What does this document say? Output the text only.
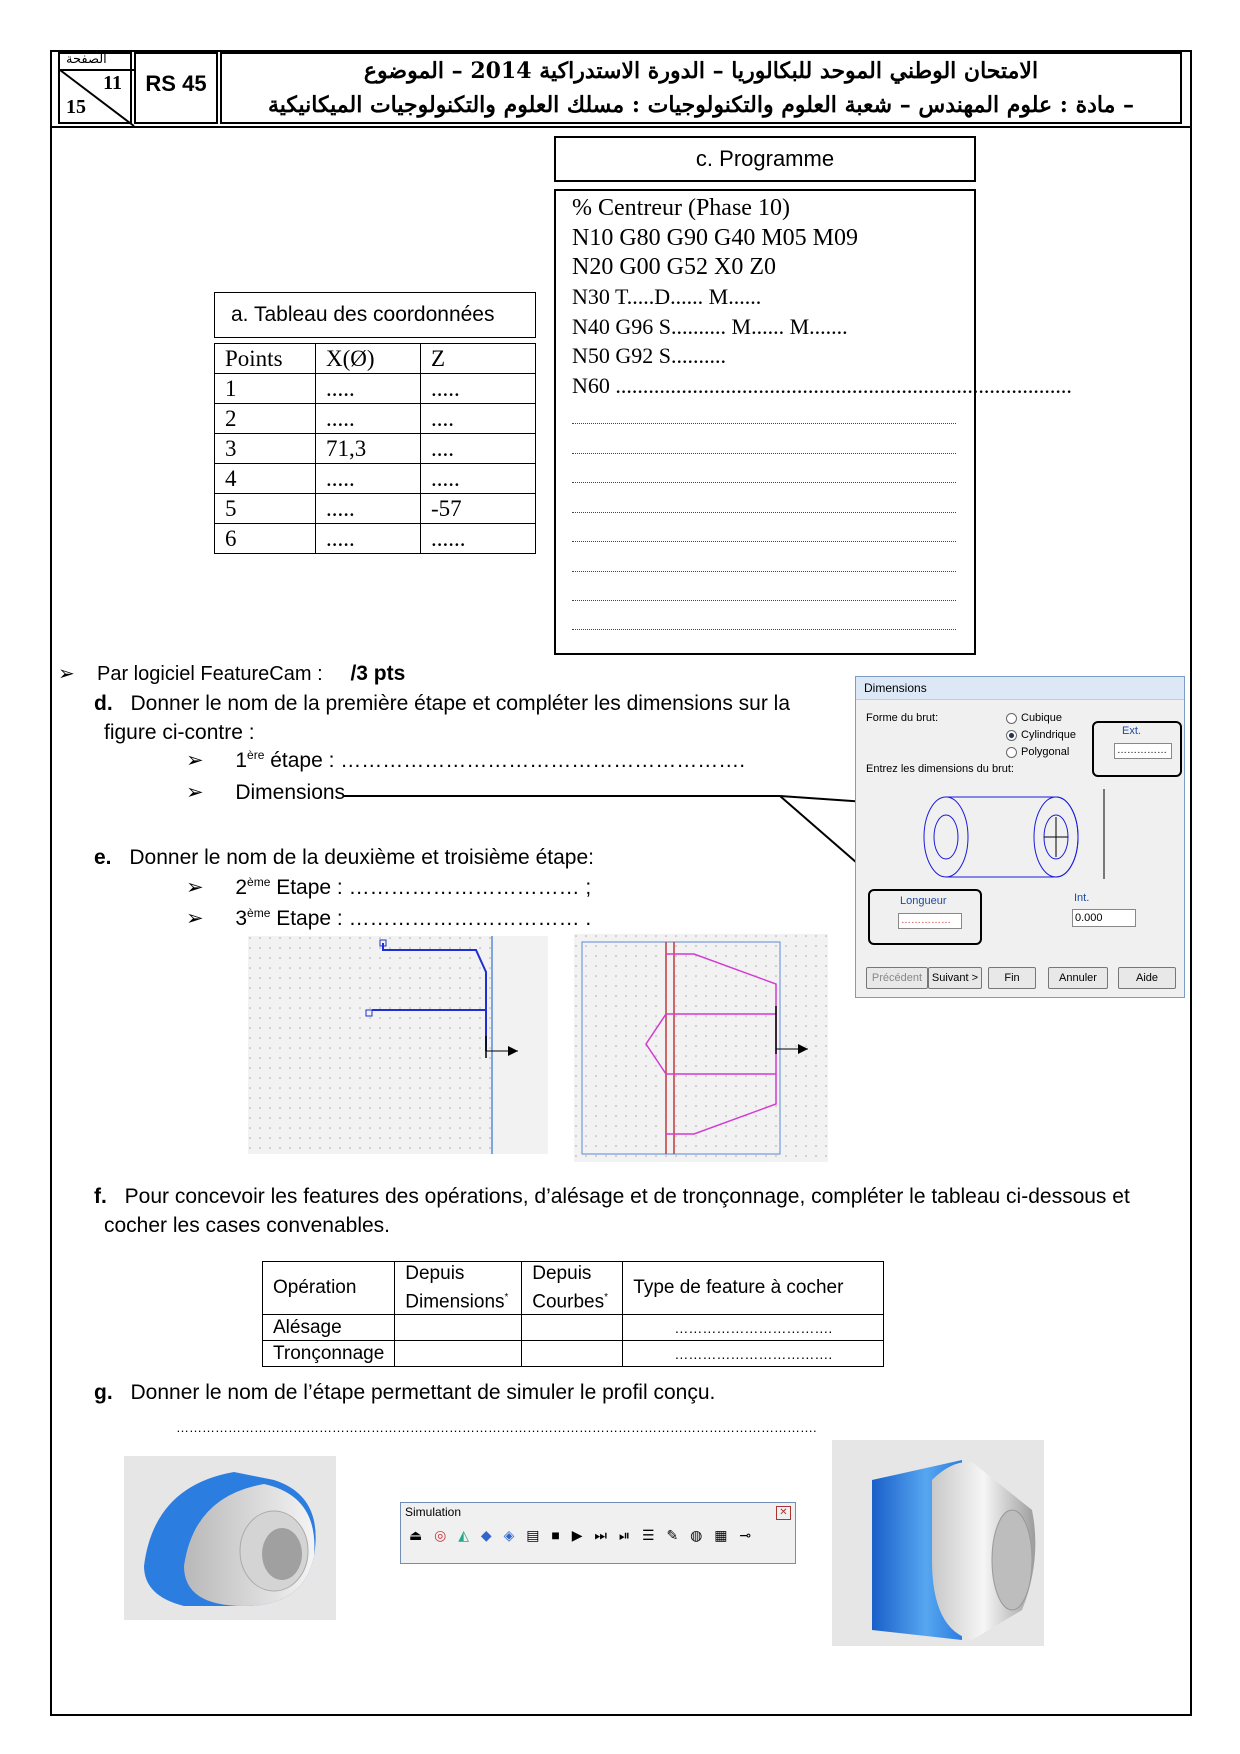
الصفحة
11
15
RS 45	الامتحان الوطني الموحد للبكالوريا – الدورة الاستدراكية 2014 – الموضوع
– مادة : علوم المهندس – شعبة العلوم والتكنولوجيات : مسلك العلوم والتكنولوجيات الميكانيكية
a. Tableau des coordonnées
Points	X(Ø)	Z
1	.....	.....
2	.....	....
3	71,3	....
4	.....	.....
5	.....	-57
6	.....	......
c. Programme
% Centreur (Phase 10)
N10 G80 G90 G40 M05 M09
N20 G00 G52 X0 Z0
N30 T.....D...... M......
N40 G96 S.......... M...... M.......
N50 G92 S..........
N60 ...................................................................................
➢ Par logiciel FeatureCam : /3 pts
d. Donner le nom de la première étape et compléter les dimensions sur la
figure ci-contre :
➢ 1ère étape : ………………………………………………….
➢ Dimensions
e. Donner le nom de la deuxième et troisième étape:
➢ 2ème Etape : …………………………… ;
➢ 3ème Etape : …………………………… .
Dimensions
Forme du brut:	Cubique
Cylindrique
Polygonal
Entrez les dimensions du brut:
Ext.
……………
Longueur
……………
Int.
0.000
Précédent Suivant >	Fin	Annuler	Aide
f. Pour concevoir les features des opérations, d’alésage et de tronçonnage, compléter le tableau ci-dessous et
cocher les cases convenables.
Opération	Depuis Dimensions*	Depuis Courbes*	Type de feature à cocher
Alésage			…………………………….
Tronçonnage			…………………………….
g. Donner le nom de l’étape permettant de simuler le profil conçu.
………………………………………………………………………………………………………………………………….
Simulation	✕
⏏ ◎ ◭ ◆ ◈ ▤ ■ ▶ ⏭ ⏯ ☰ ✎ ◍ ▦ ⊸
